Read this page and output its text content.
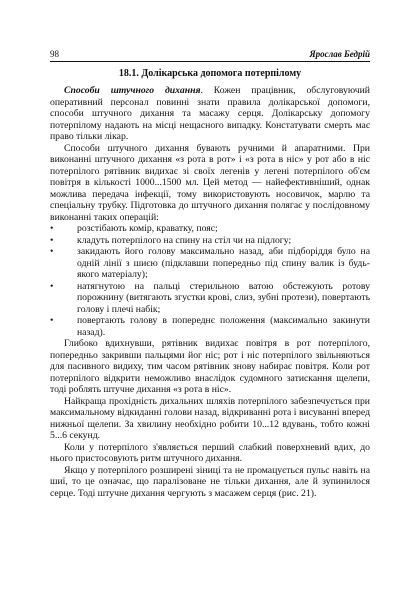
98	Ярослав Бедрій
18.1. Долікарська допомога потерпілому

Способи штучного дихання. Кожен працівник, обслуговуючий оперативний персонал повинні знати правила долікарської допомоги, способи штучного дихання та масажу серця. Долікарську допомогу потерпілому надають на місці нещасного випадку. Констатувати смерть має право тільки лікар.

Способи штучного дихання бувають ручними й апаратними. При виконанні штучного дихання «з рота в рот» і «з рота в ніс» у рот або в ніс потерпілого рятівник видихає зі своїх легенів у легені потерпілого об'єм повітря в кількості 1000...1500 мл. Цей метод — найефективніший, однак можлива передача інфекції, тому використовують носовичок, марлю та спеціальну трубку. Підготовка до штучного дихання полягає у послідовному виконанні таких операцій:

• розстібають комір, краватку, пояс;
• кладуть потерпілого на спину на стіл чи на підлогу;
• закидають його голову максимально назад, аби підборіддя було на одній лінії з шиєю (підклавши попередньо під спину валик із будь-якого матеріалу);
• натягнутою на пальці стерильною ватою обстежують ротову порожнину (витягають згустки крові, слиз, зубні протези), повертають голову і плечі набік;
• повертають голову в попереднє положення (максимально закинути назад).

Глибоко вдихнувши, рятівник видихає повітря в рот потерпілого, попередньо закривши пальцями йог ніс; рот і ніс потерпілого звільняються для пасивного видиху, тим часом рятівник знову набирає повітря. Коли рот потерпілого відкрити неможливо внаслідок судомного затискання щелепи, тоді роблять штучне дихання «з рота в ніс».

Найкраща прохідність дихальних шляхів потерпілого забезпечується при максимальному відкиданні голови назад, відкриванні рота і висуванні вперед нижньої щелепи. За хвилину необхідно робити 10...12 вдувань, тобто кожні 5...6 секунд.

Коли у потерпілого з'являється перший слабкий поверхневий вдих, до нього пристосовують ритм штучного дихання.

Якщо у потерпілого розширені зіниці та не промацується пульс навіть на шиї, то це означає, що паралізоване не тільки дихання, але й зупинилося серце. Тоді штучне дихання чергують з масажем серця (рис. 21).
